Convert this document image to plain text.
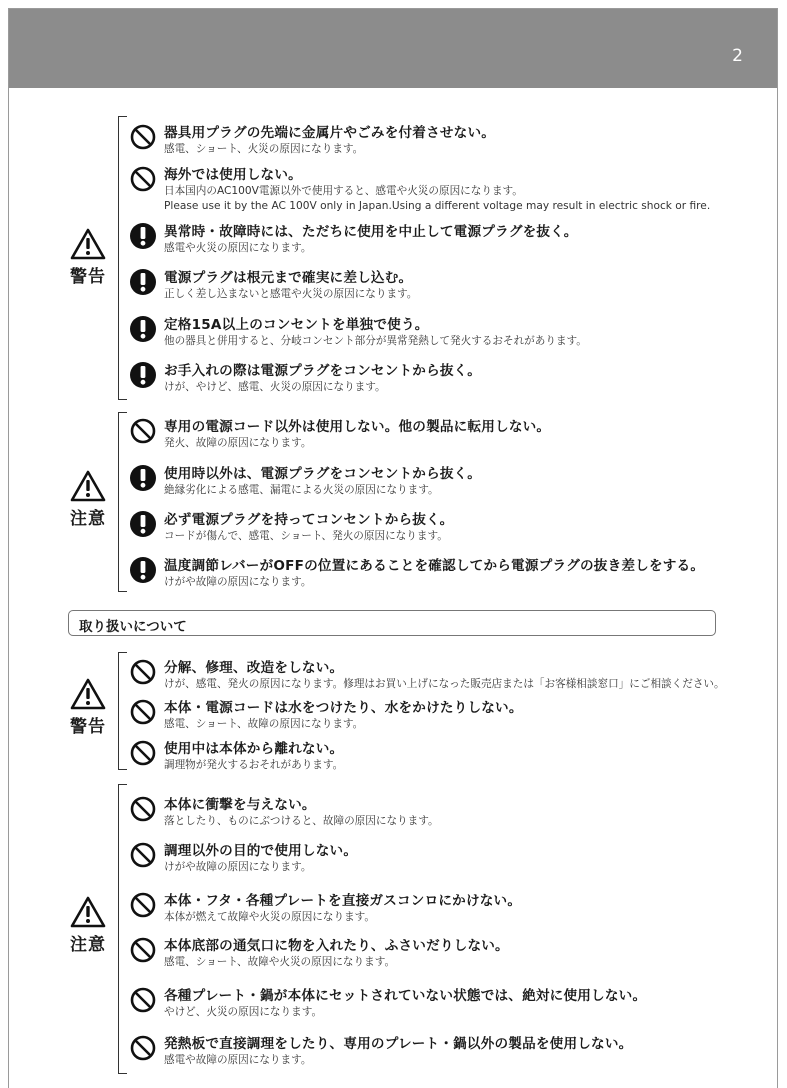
2
警告
器具用プラグの先端に金属片やごみを付着させない。
感電、ショート、火災の原因になります。
海外では使用しない。
日本国内のAC100V電源以外で使用すると、感電や火災の原因になります。
Please use it by the AC 100V only in Japan.Using a different voltage may result in electric shock or fire.
異常時・故障時には、ただちに使用を中止して電源プラグを抜く。
感電や火災の原因になります。
電源プラグは根元まで確実に差し込む。
正しく差し込まないと感電や火災の原因になります。
定格15A以上のコンセントを単独で使う。
他の器具と併用すると、分岐コンセント部分が異常発熱して発火するおそれがあります。
お手入れの際は電源プラグをコンセントから抜く。
けが、やけど、感電、火災の原因になります。
注意
専用の電源コード以外は使用しない。他の製品に転用しない。
発火、故障の原因になります。
使用時以外は、電源プラグをコンセントから抜く。
絶縁劣化による感電、漏電による火災の原因になります。
必ず電源プラグを持ってコンセントから抜く。
コードが傷んで、感電、ショート、発火の原因になります。
温度調節レバーがOFFの位置にあることを確認してから電源プラグの抜き差しをする。
けがや故障の原因になります。
警告
分解、修理、改造をしない。
けが、感電、発火の原因になります。修理はお買い上げになった販売店または「お客様相談窓口」にご相談ください。
本体・電源コードは水をつけたり、水をかけたりしない。
感電、ショート、故障の原因になります。
使用中は本体から離れない。
調理物が発火するおそれがあります。
注意
本体に衝撃を与えない。
落としたり、ものにぶつけると、故障の原因になります。
調理以外の目的で使用しない。
けがや故障の原因になります。
本体・フタ・各種プレートを直接ガスコンロにかけない。
本体が燃えて故障や火災の原因になります。
本体底部の通気口に物を入れたり、ふさいだりしない。
感電、ショート、故障や火災の原因になります。
各種プレート・鍋が本体にセットされていない状態では、絶対に使用しない。
やけど、火災の原因になります。
発熱板で直接調理をしたり、専用のプレート・鍋以外の製品を使用しない。
感電や故障の原因になります。
取り扱いについて
